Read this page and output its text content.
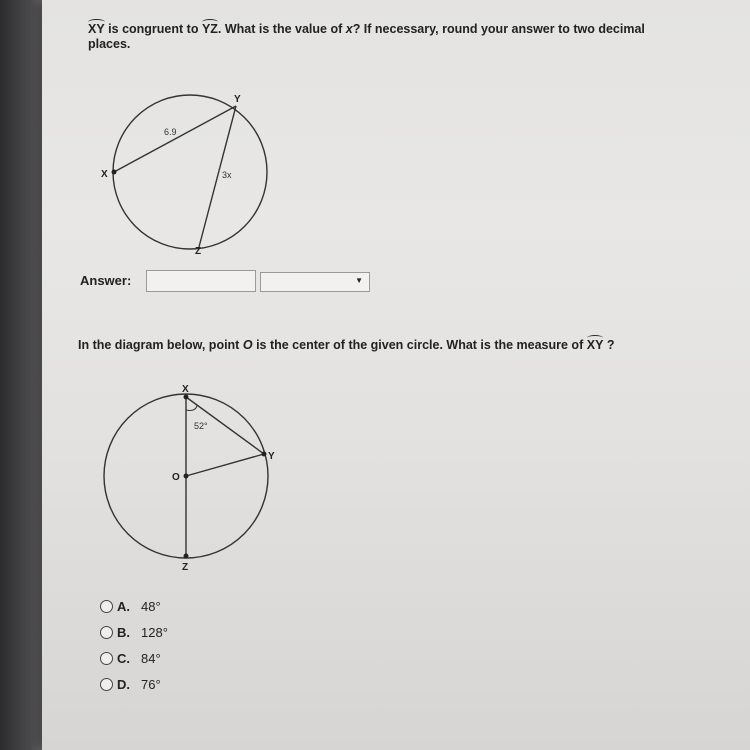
XY is congruent to YZ. What is the value of x? If necessary, round your answer to two decimal places.
X
Y
Z
6.9
3x
Answer:	▼
In the diagram below, point O is the center of the given circle. What is the measure of XY ?
X
Y
O
Z
52°
A. 48°
B. 128°
C. 84°
D. 76°
